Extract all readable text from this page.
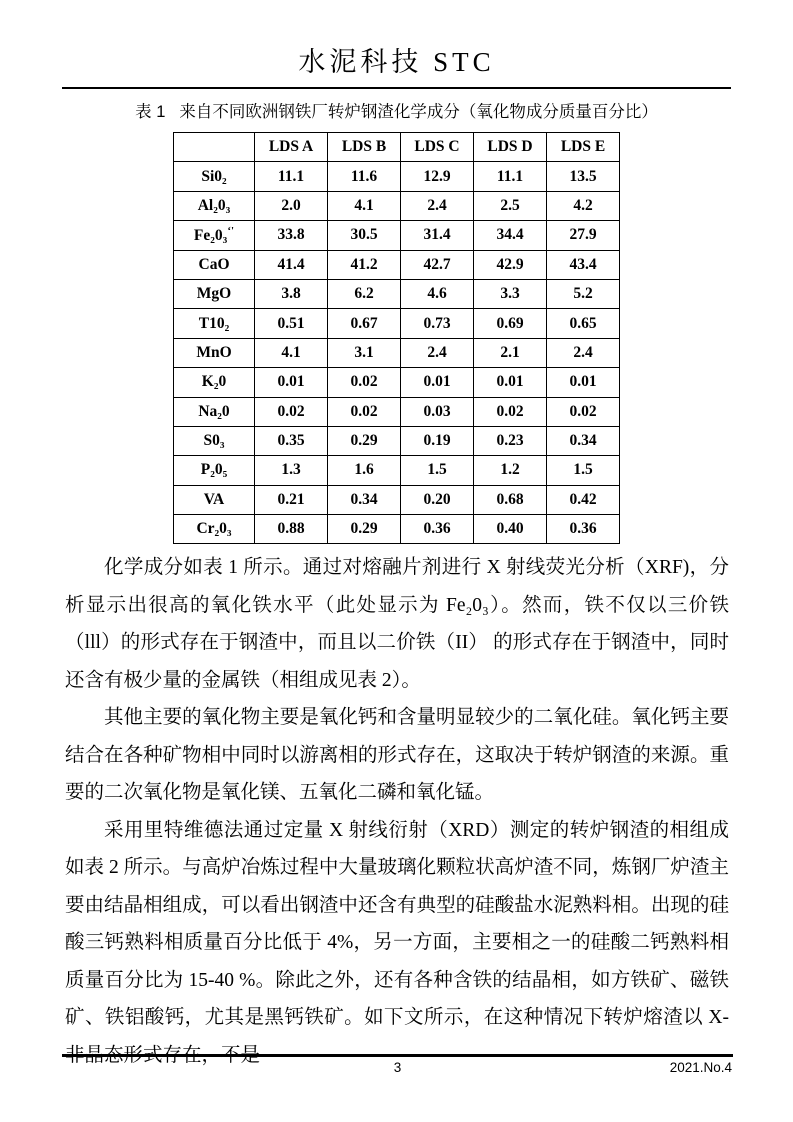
水泥科技 STC
表 1 来自不同欧洲钢铁厂转炉钢渣化学成分（氧化物成分质量百分比）
	LDS A	LDS B	LDS C	LDS D	LDS E
Si0₂	11.1	11.6	12.9	11.1	13.5
Al₂0₃	2.0	4.1	2.4	2.5	4.2
Fe₂0₃‘'	33.8	30.5	31.4	34.4	27.9
CaO	41.4	41.2	42.7	42.9	43.4
MgO	3.8	6.2	4.6	3.3	5.2
T10₂	0.51	0.67	0.73	0.69	0.65
MnO	4.1	3.1	2.4	2.1	2.4
K₂0	0.01	0.02	0.01	0.01	0.01
Na₂0	0.02	0.02	0.03	0.02	0.02
S0₃	0.35	0.29	0.19	0.23	0.34
P₂0₅	1.3	1.6	1.5	1.2	1.5
VA	0.21	0.34	0.20	0.68	0.42
Cr₂0₃	0.88	0.29	0.36	0.40	0.36

化学成分如表 1 所示。通过对熔融片剂进行 X 射线荧光分析（XRF)，分析显示出很高的氧化铁水平（此处显示为 Fe₂0₃）。然而，铁不仅以三价铁（lll）的形式存在于钢渣中，而且以二价铁（II） 的形式存在于钢渣中，同时还含有极少量的金属铁（相组成见表 2）。

其他主要的氧化物主要是氧化钙和含量明显较少的二氧化硅。氧化钙主要结合在各种矿物相中同时以游离相的形式存在，这取决于转炉钢渣的来源。重要的二次氧化物是氧化镁、五氧化二磷和氧化锰。

采用里特维德法通过定量 X 射线衍射（XRD）测定的转炉钢渣的相组成如表 2 所示。与高炉冶炼过程中大量玻璃化颗粒状高炉渣不同，炼钢厂炉渣主要由结晶相组成，可以看出钢渣中还含有典型的硅酸盐水泥熟料相。出现的硅酸三钙熟料相质量百分比低于 4%，另一方面，主要相之一的硅酸二钙熟料相质量百分比为 15-40 %。除此之外，还有各种含铁的结晶相，如方铁矿、磁铁矿、铁铝酸钙，尤其是黑钙铁矿。如下文所示，在这种情况下转炉熔渣以 X-非晶态形式存在，不是

3	2021.No.4
